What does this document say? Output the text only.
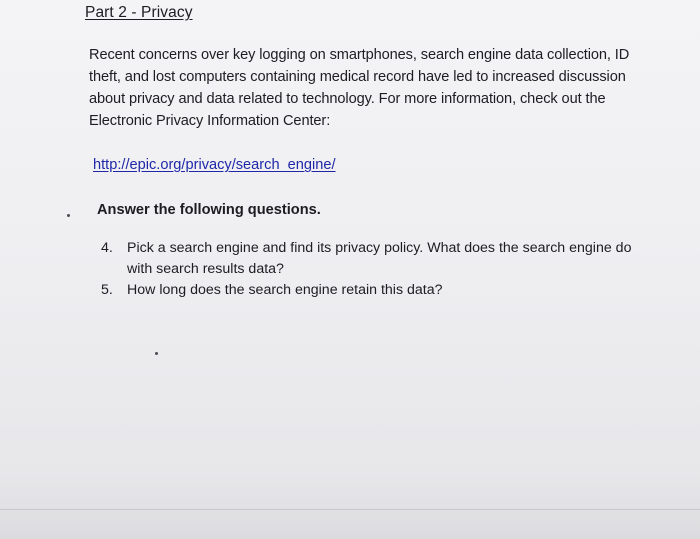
Part 2 - Privacy
Recent concerns over key logging on smartphones, search engine data collection, ID
theft, and lost computers containing medical record have led to increased discussion
about privacy and data related to technology. For more information, check out the
Electronic Privacy Information Center:
http://epic.org/privacy/search_engine/
Answer the following questions.
4. Pick a search engine and find its privacy policy. What does the search engine do
with search results data?
5. How long does the search engine retain this data?
